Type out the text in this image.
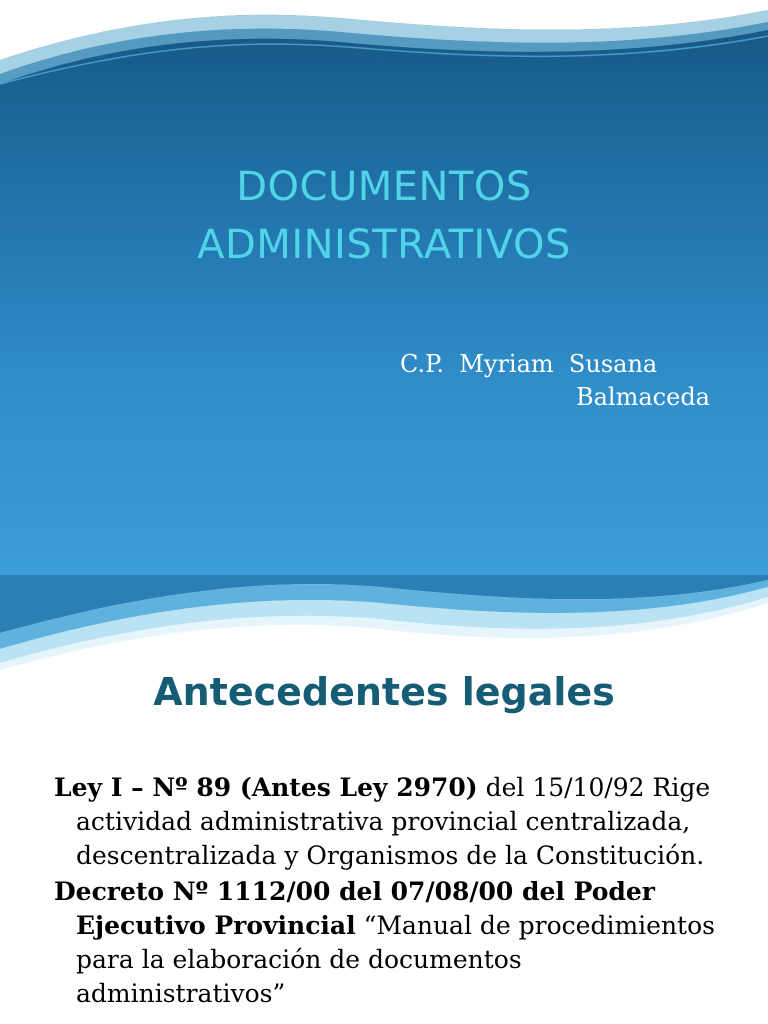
DOCUMENTOS
ADMINISTRATIVOS
C.P.  Myriam  Susana
Balmaceda
Antecedentes legales

Ley I – Nº 89 (Antes Ley 2970) del 15/10/92 Rige actividad administrativa provincial centralizada, descentralizada y Organismos de la Constitución.

Decreto Nº 1112/00 del 07/08/00 del Poder Ejecutivo Provincial “Manual de procedimientos para la elaboración de documentos administrativos”
